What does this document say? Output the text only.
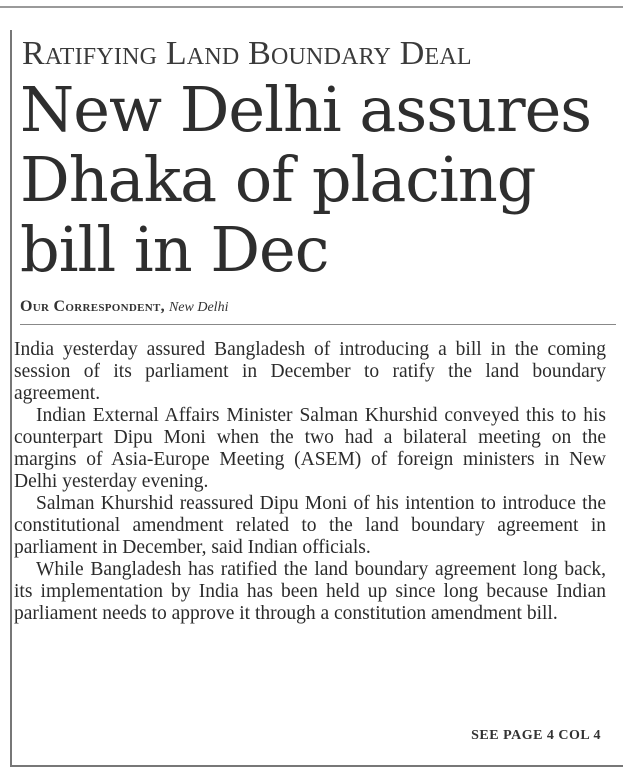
Ratifying Land Boundary Deal
New Delhi assures Dhaka of placing bill in Dec
Our Correspondent, New Delhi

India yesterday assured Bangladesh of introducing a bill in the coming session of its parliament in December to ratify the land boundary agreement.

Indian External Affairs Minister Salman Khurshid conveyed this to his counterpart Dipu Moni when the two had a bilateral meeting on the margins of Asia-Europe Meeting (ASEM) of foreign ministers in New Delhi yesterday evening.

Salman Khurshid reassured Dipu Moni of his intention to introduce the constitutional amendment related to the land boundary agreement in parliament in December, said Indian officials.

While Bangladesh has ratified the land boundary agreement long back, its implementation by India has been held up since long because Indian parliament needs to approve it through a constitution amendment bill.

SEE PAGE 4 COL 4
